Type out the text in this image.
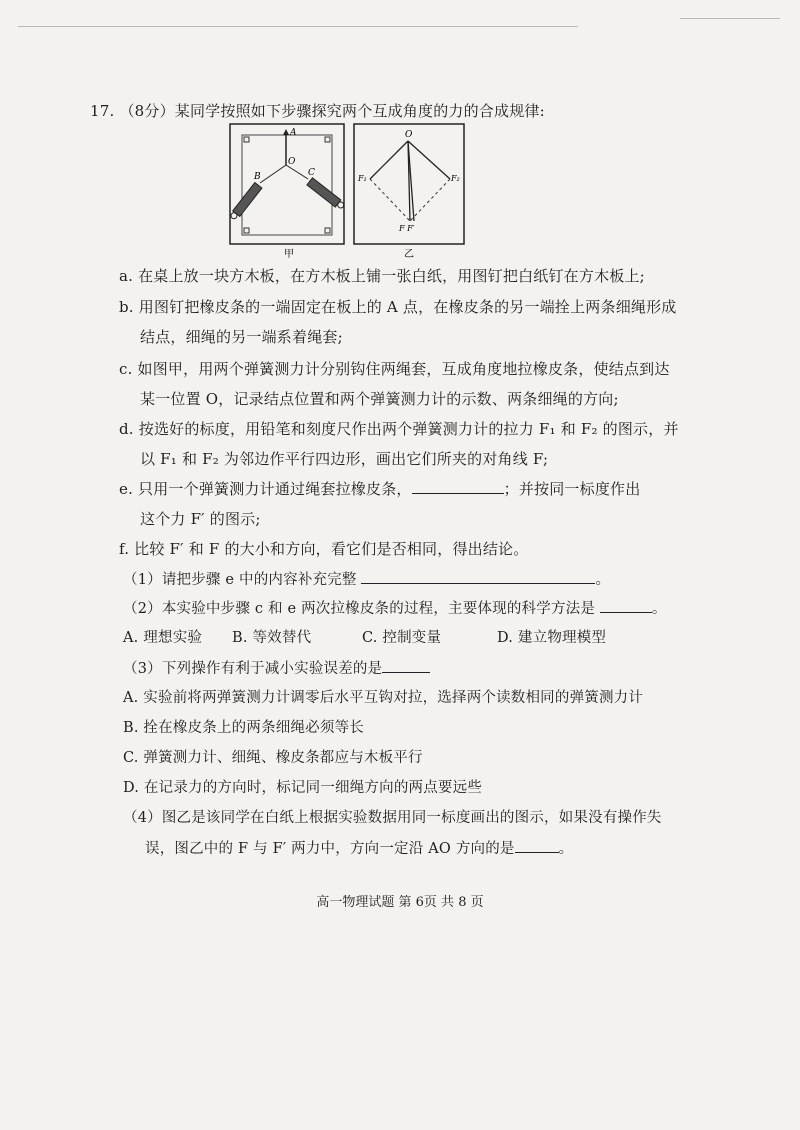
17. （8分）某同学按照如下步骤探究两个互成角度的力的合成规律:
A
O
B	C
甲
O
F₁	F₂
F F′
乙
a. 在桌上放一块方木板，在方木板上铺一张白纸，用图钉把白纸钉在方木板上;
b. 用图钉把橡皮条的一端固定在板上的 A 点，在橡皮条的另一端拴上两条细绳形成
结点，细绳的另一端系着绳套;
c. 如图甲，用两个弹簧测力计分别钩住两绳套，互成角度地拉橡皮条，使结点到达
某一位置 O，记录结点位置和两个弹簧测力计的示数、两条细绳的方向;
d. 按选好的标度，用铅笔和刻度尺作出两个弹簧测力计的拉力 F₁ 和 F₂ 的图示，并
以 F₁ 和 F₂ 为邻边作平行四边形，画出它们所夹的对角线 F;
e. 只用一个弹簧测力计通过绳套拉橡皮条，	；并按同一标度作出
这个力 F′ 的图示;
f. 比较 F′ 和 F 的大小和方向，看它们是否相同，得出结论。
（1）请把步骤 e 中的内容补充完整	。
（2）本实验中步骤 c 和 e 两次拉橡皮条的过程，主要体现的科学方法是	。
A. 理想实验 B. 等效替代	C. 控制变量	D. 建立物理模型
（3）下列操作有利于减小实验误差的是
A. 实验前将两弹簧测力计调零后水平互钩对拉，选择两个读数相同的弹簧测力计
B. 拴在橡皮条上的两条细绳必须等长
C. 弹簧测力计、细绳、橡皮条都应与木板平行
D. 在记录力的方向时，标记同一细绳方向的两点要远些
（4）图乙是该同学在白纸上根据实验数据用同一标度画出的图示，如果没有操作失
误，图乙中的 F 与 F′ 两力中，方向一定沿 AO 方向的是	。
高一物理试题 第 6页 共 8 页
